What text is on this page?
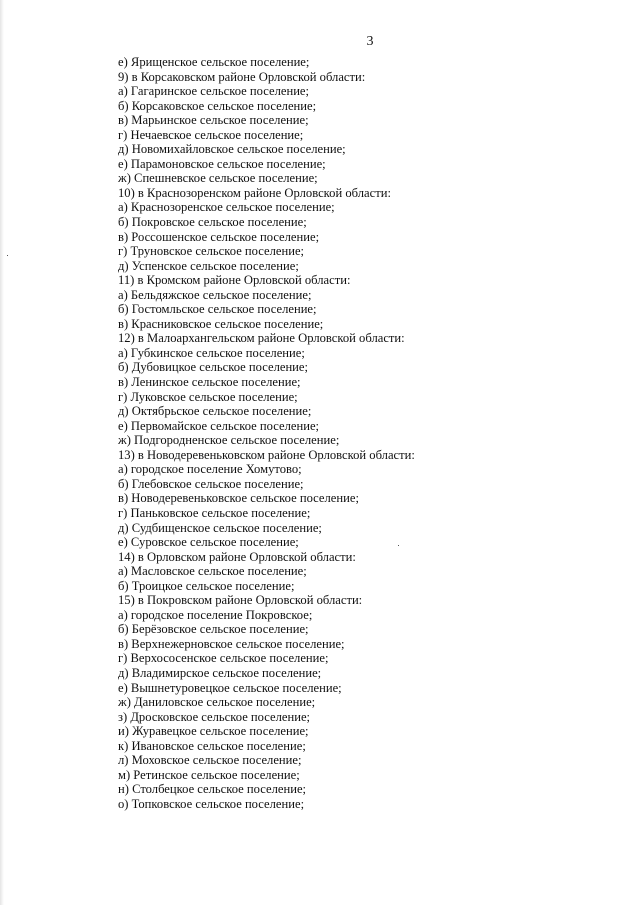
3
е) Ярищенское сельское поселение;
9) в Корсаковском районе Орловской области:
а) Гагаринское сельское поселение;
б) Корсаковское сельское поселение;
в) Марьинское сельское поселение;
г) Нечаевское сельское поселение;
д) Новомихайловское сельское поселение;
е) Парамоновское сельское поселение;
ж) Спешневское сельское поселение;
10) в Краснозоренском районе Орловской области:
а) Краснозоренское сельское поселение;
б) Покровское сельское поселение;
в) Россошенское сельское поселение;
г) Труновское сельское поселение;
д) Успенское сельское поселение;
11) в Кромском районе Орловской области:
а) Бельдяжское сельское поселение;
б) Гостомльское сельское поселение;
в) Красниковское сельское поселение;
12) в Малоархангельском районе Орловской области:
а) Губкинское сельское поселение;
б) Дубовицкое сельское поселение;
в) Ленинское сельское поселение;
г) Луковское сельское поселение;
д) Октябрьское сельское поселение;
е) Первомайское сельское поселение;
ж) Подгородненское сельское поселение;
13) в Новодеревеньковском районе Орловской области:
а) городское поселение Хомутово;
б) Глебовское сельское поселение;
в) Новодеревеньковское сельское поселение;
г) Паньковское сельское поселение;
д) Судбищенское сельское поселение;
е) Суровское сельское поселение;
14) в Орловском районе Орловской области:
а) Масловское сельское поселение;
б) Троицкое сельское поселение;
15) в Покровском районе Орловской области:
а) городское поселение Покровское;
б) Берёзовское сельское поселение;
в) Верхнежерновское сельское поселение;
г) Верхососенское сельское поселение;
д) Владимирское сельское поселение;
е) Вышнетуровецкое сельское поселение;
ж) Даниловское сельское поселение;
з) Дросковское сельское поселение;
и) Журавецкое сельское поселение;
к) Ивановское сельское поселение;
л) Моховское сельское поселение;
м) Ретинское сельское поселение;
н) Столбецкое сельское поселение;
о) Топковское сельское поселение;
